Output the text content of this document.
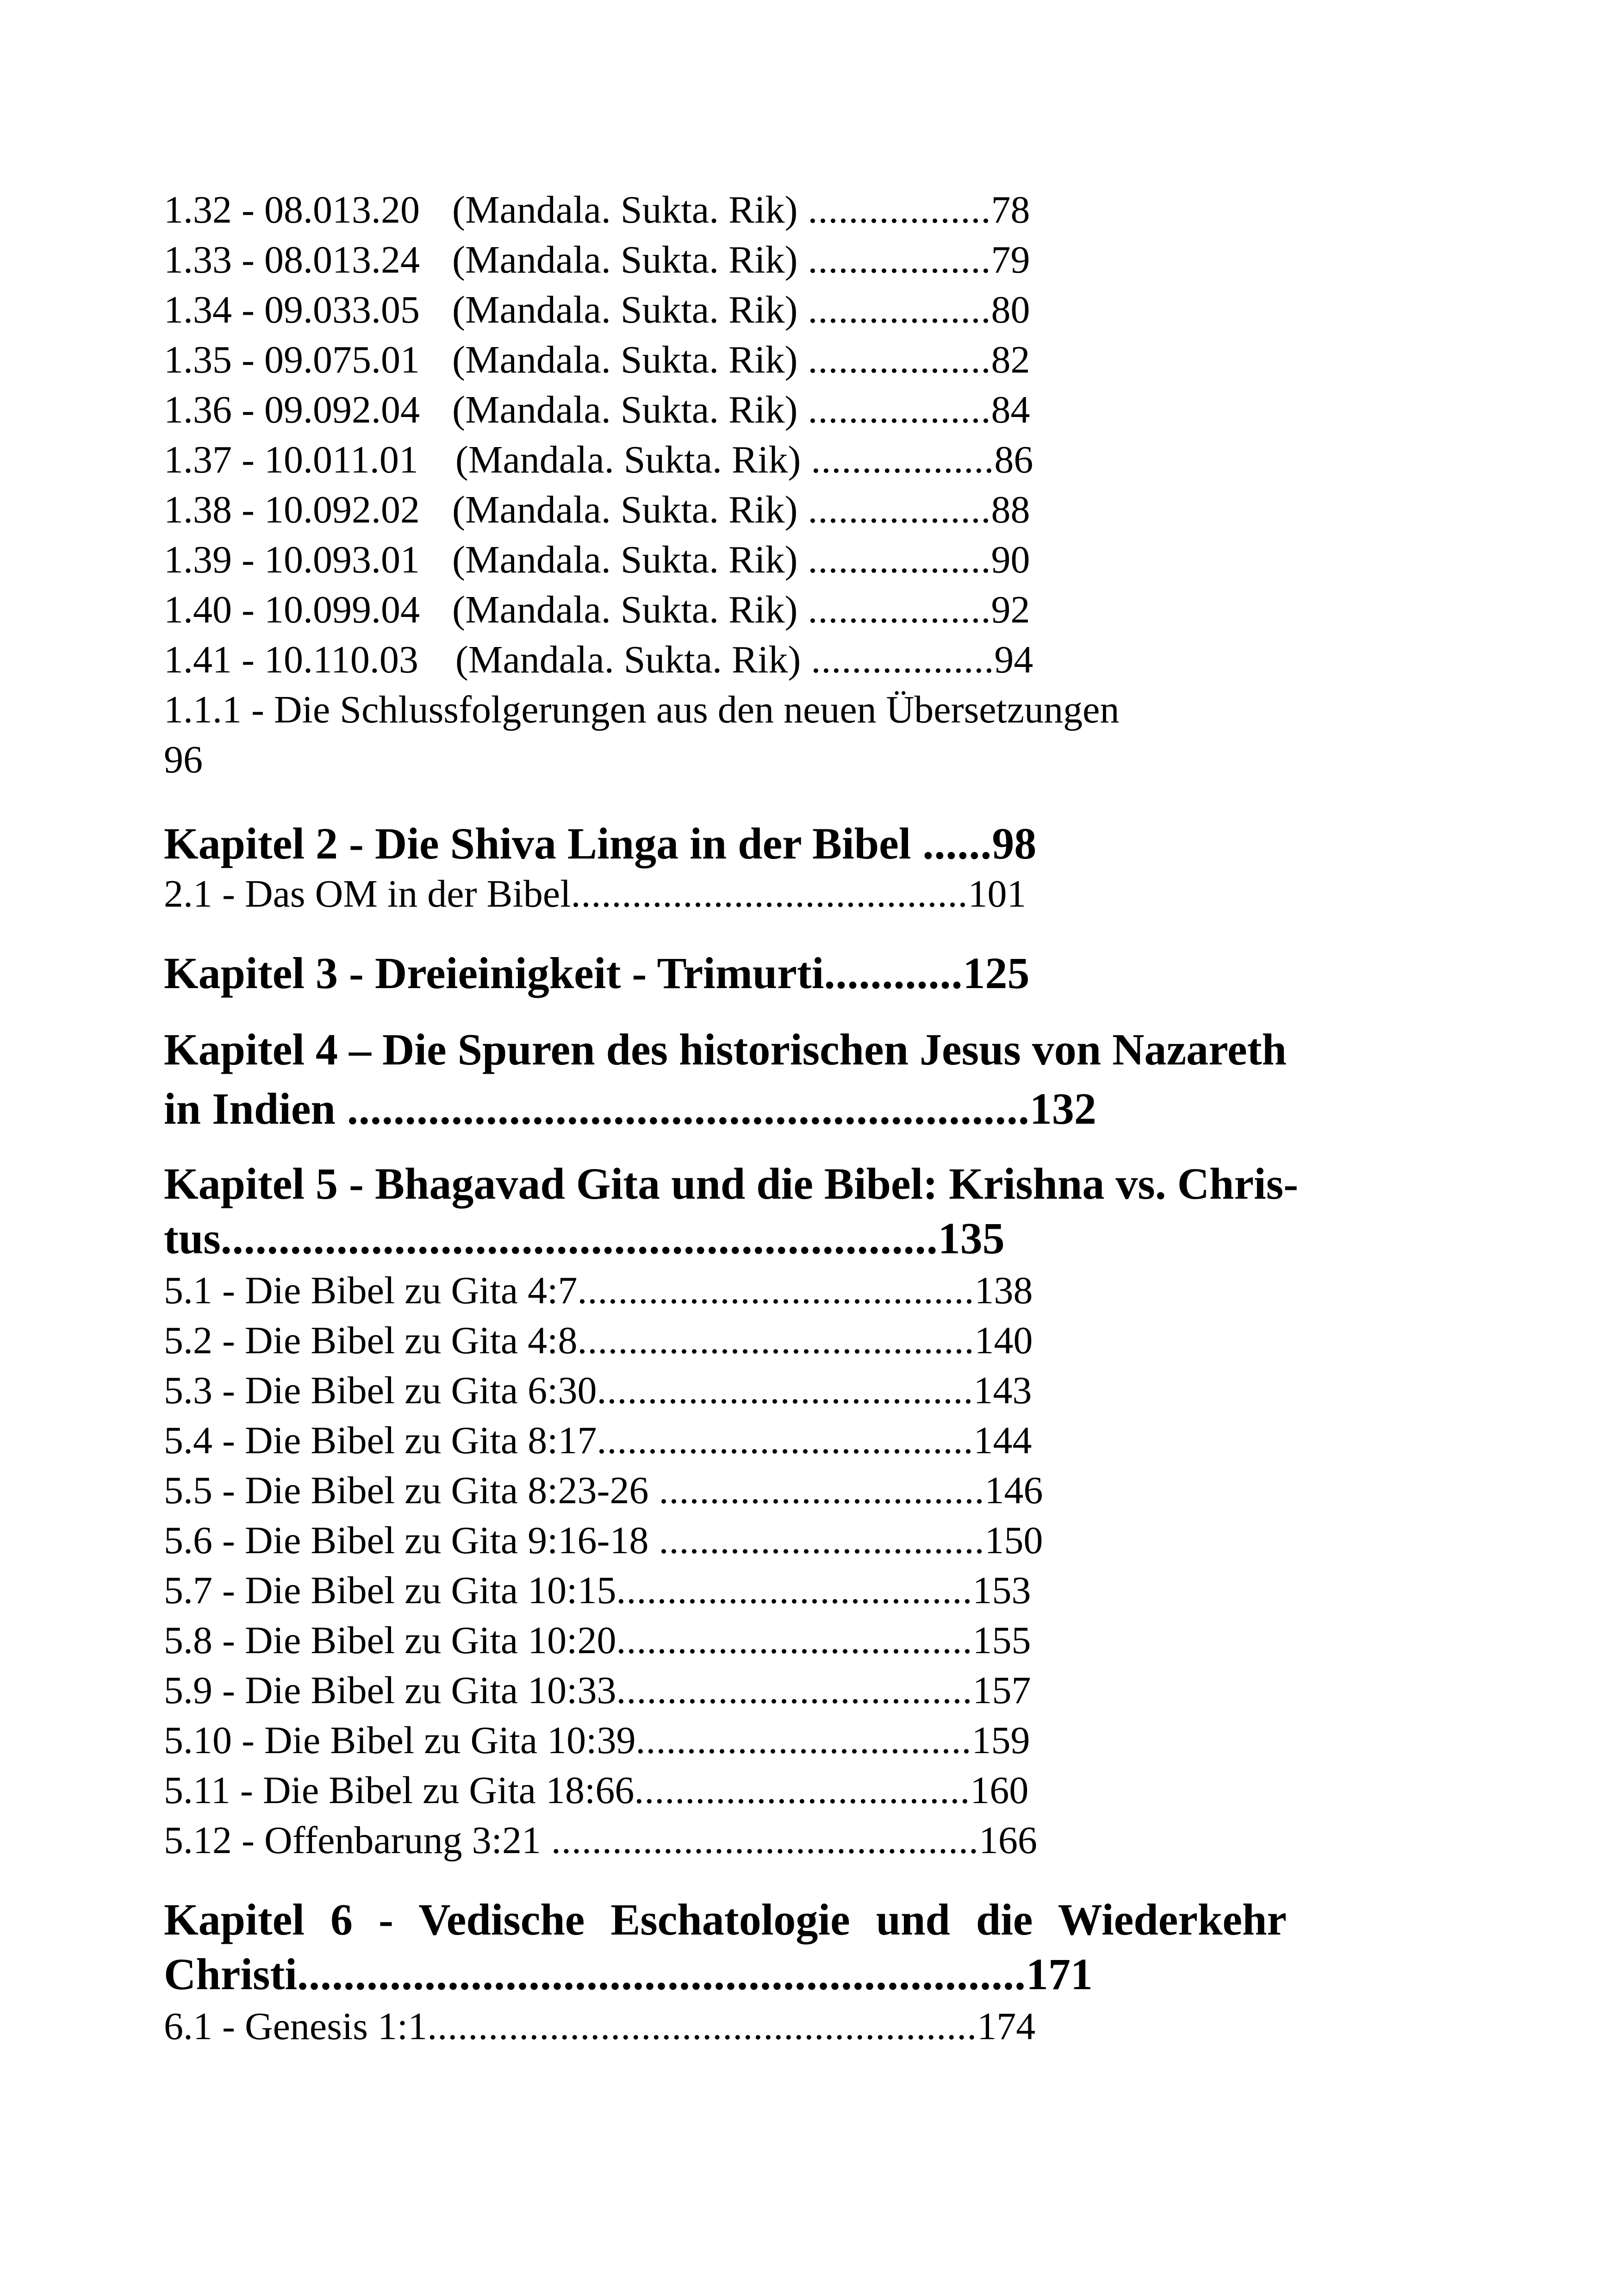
1.32 - 08.013.20 (Mandala. Sukta. Rik) ..................78
1.33 - 08.013.24 (Mandala. Sukta. Rik) ..................79
1.34 - 09.033.05 (Mandala. Sukta. Rik) ..................80
1.35 - 09.075.01 (Mandala. Sukta. Rik) ..................82
1.36 - 09.092.04 (Mandala. Sukta. Rik) ..................84
1.37 - 10.011.01 (Mandala. Sukta. Rik) ..................86
1.38 - 10.092.02 (Mandala. Sukta. Rik) ..................88
1.39 - 10.093.01 (Mandala. Sukta. Rik) ..................90
1.40 - 10.099.04 (Mandala. Sukta. Rik) ..................92
1.41 - 10.110.03 (Mandala. Sukta. Rik) ..................94
1.1.1 - Die Schlussfolgerungen aus den neuen Übersetzungen
96
Kapitel 2 - Die Shiva Linga in der Bibel ......98
2.1 - Das OM in der Bibel.......................................101
Kapitel 3 - Dreieinigkeit - Trimurti............125
Kapitel 4 – Die Spuren des historischen Jesus von Nazareth
in Indien ...........................................................132
Kapitel 5 - Bhagavad Gita und die Bibel: Krishna vs. Chris-
tus..............................................................135
5.1 - Die Bibel zu Gita 4:7.......................................138
5.2 - Die Bibel zu Gita 4:8.......................................140
5.3 - Die Bibel zu Gita 6:30.....................................143
5.4 - Die Bibel zu Gita 8:17.....................................144
5.5 - Die Bibel zu Gita 8:23-26 ................................146
5.6 - Die Bibel zu Gita 9:16-18 ................................150
5.7 - Die Bibel zu Gita 10:15...................................153
5.8 - Die Bibel zu Gita 10:20...................................155
5.9 - Die Bibel zu Gita 10:33...................................157
5.10 - Die Bibel zu Gita 10:39.................................159
5.11 - Die Bibel zu Gita 18:66.................................160
5.12 - Offenbarung 3:21 ..........................................166
Kapitel 6 - Vedische Eschatologie und die Wiederkehr
Christi...............................................................171
6.1 - Genesis 1:1......................................................174
